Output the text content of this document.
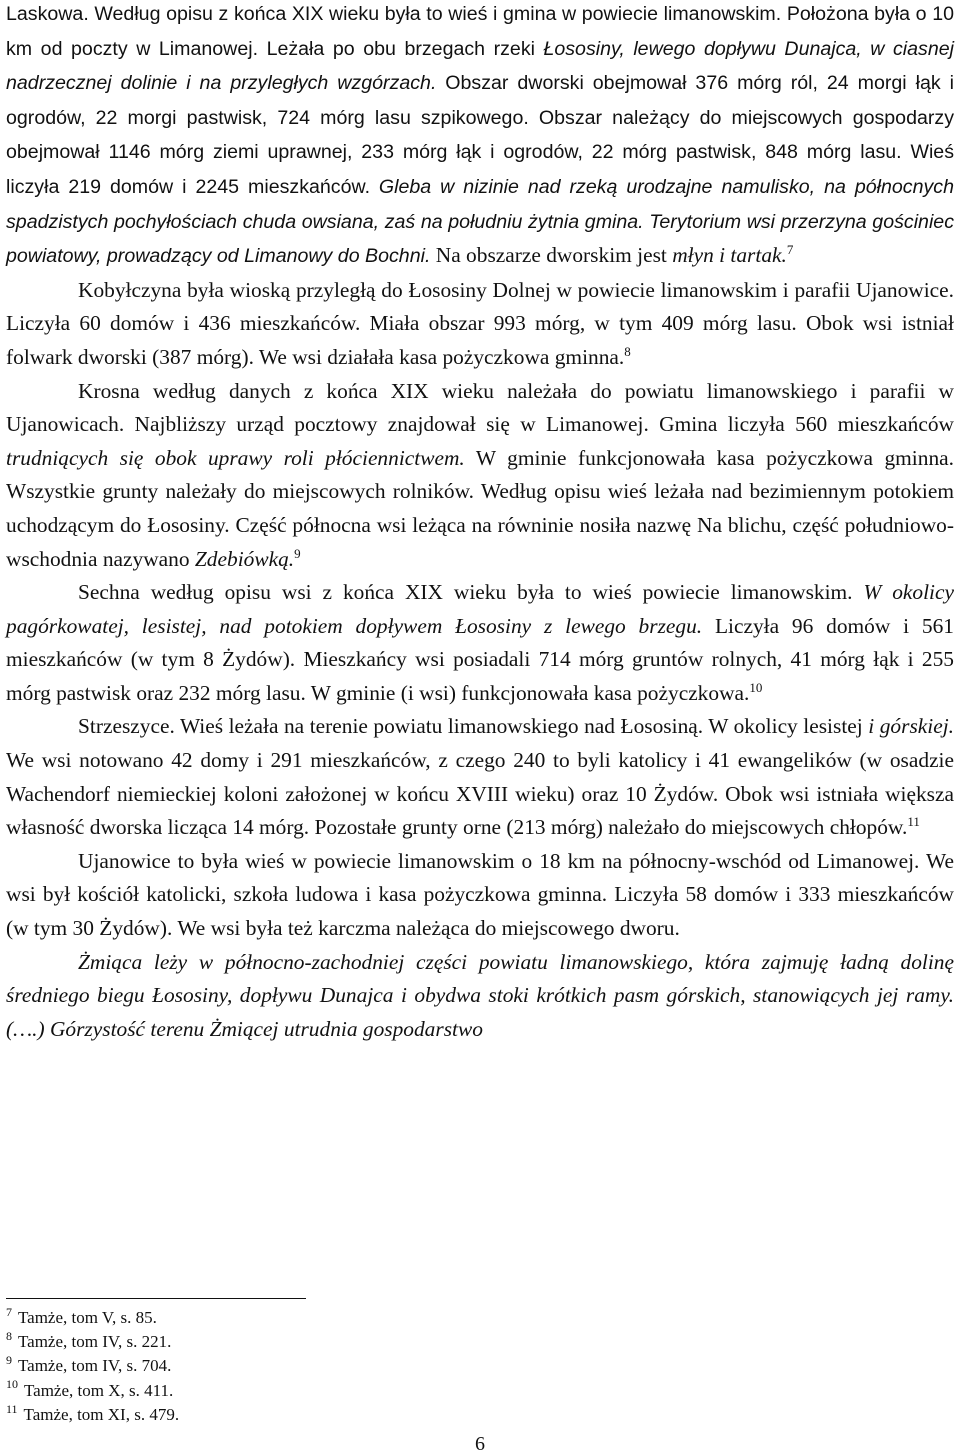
Laskowa. Według opisu z końca XIX wieku była to wieś i gmina w powiecie limanowskim. Położona była o 10 km od poczty w Limanowej. Leżała po obu brzegach rzeki Łososiny, lewego dopływu Dunajca, w ciasnej nadrzecznej dolinie i na przyległych wzgórzach. Obszar dworski obejmował 376 mórg ról, 24 morgi łąk i ogrodów, 22 morgi pastwisk, 724 mórg lasu szpikowego. Obszar należący do miejscowych gospodarzy obejmował 1146 mórg ziemi uprawnej, 233 mórg łąk i ogrodów, 22 mórg pastwisk, 848 mórg lasu. Wieś liczyła 219 domów i 2245 mieszkańców. Gleba w nizinie nad rzeką urodzajne namulisko, na północnych spadzistych pochyłościach chuda owsiana, zaś na południu żytnia gmina. Terytorium wsi przerzyna gościniec powiatowy, prowadzący od Limanowy do Bochni. Na obszarze dworskim jest młyn i tartak.$^7$

Kobyłczyna była wioską przyległą do Łososiny Dolnej w powiecie limanowskim i parafii Ujanowice. Liczyła 60 domów i 436 mieszkańców. Miała obszar 993 mórg, w tym 409 mórg lasu. Obok wsi istniał folwark dworski (387 mórg). We wsi działała kasa pożyczkowa gminna.$^8$

Krosna według danych z końca XIX wieku należała do powiatu limanowskiego i parafii w Ujanowicach. Najbliższy urząd pocztowy znajdował się w Limanowej. Gmina liczyła 560 mieszkańców trudniących się obok uprawy roli płóciennictwem. W gminie funkcjonowała kasa pożyczkowa gminna. Wszystkie grunty należały do miejscowych rolników. Według opisu wieś leżała nad bezimiennym potokiem uchodzącym do Łososiny. Część północna wsi leżąca na równinie nosiła nazwę Na blichu, część południowo-wschodnia nazywano Zdebiówką.$^9$

Sechna według opisu wsi z końca XIX wieku była to wieś powiecie limanowskim. W okolicy pagórkowatej, lesistej, nad potokiem dopływem Łososiny z lewego brzegu. Liczyła 96 domów i 561 mieszkańców (w tym 8 Żydów). Mieszkańcy wsi posiadali 714 mórg gruntów rolnych, 41 mórg łąk i 255 mórg pastwisk oraz 232 mórg lasu. W gminie (i wsi) funkcjonowała kasa pożyczkowa.$^{10}$

Strzeszyce. Wieś leżała na terenie powiatu limanowskiego nad Łososiną. W okolicy lesistej i górskiej. We wsi notowano 42 domy i 291 mieszkańców, z czego 240 to byli katolicy i 41 ewangelików (w osadzie Wachendorf niemieckiej koloni założonej w końcu XVIII wieku) oraz 10 Żydów. Obok wsi istniała większa własność dworska licząca 14 mórg. Pozostałe grunty orne (213 mórg) należało do miejscowych chłopów.$^{11}$

Ujanowice to była wieś w powiecie limanowskim o 18 km na północny-wschód od Limanowej. We wsi był kościół katolicki, szkoła ludowa i kasa pożyczkowa gminna. Liczyła 58 domów i 333 mieszkańców (w tym 30 Żydów). We wsi była też karczma należąca do miejscowego dworu.

Żmiąca leży w północno-zachodniej części powiatu limanowskiego, która zajmuję ładną dolinę średniego biegu Łososiny, dopływu Dunajca i obydwa stoki krótkich pasm górskich, stanowiących jej ramy. (….) Górzystość terenu Żmiącej utrudnia gospodarstwo

$^7$ Tamże, tom V, s. 85.
$^8$ Tamże, tom IV, s. 221.
$^9$ Tamże, tom IV, s. 704.
$^{10}$ Tamże, tom X, s. 411.
$^{11}$ Tamże, tom XI, s. 479.
6
